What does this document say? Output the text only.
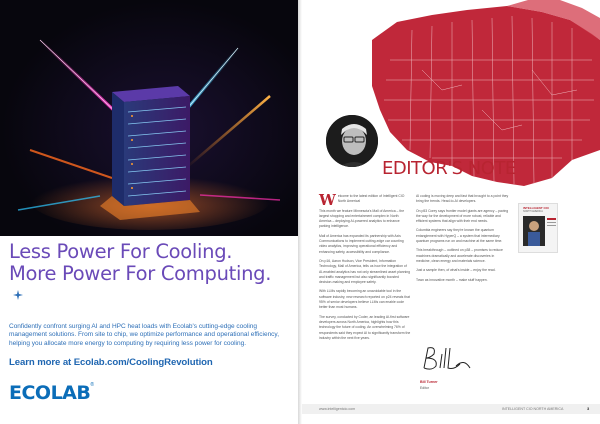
Less Power For Cooling.
More Power For Computing.
Confidently confront surging AI and HPC heat loads with Ecolab's cutting-edge cooling management solutions. From site to chip, we optimize performance and operational efficiency, helping you allocate more energy to computing by requiring less power for cooling.
Learn more at Ecolab.com/CoolingRevolution
ECOLAB®
EDITOR'S NOTE

Welcome to the latest edition of Intelligent CIO North America!

This month we feature Minnesota's Mall of America – the largest shopping and entertainment complex in North America – deploying AI-powered analytics to enhance parking intelligence.

Mall of America has expanded its partnership with Axis Communications to implement cutting-edge car counting video analytics, improving operational efficiency and enhancing safety, accessibility and compliance.

On p16, Aaron Hudson, Vice President, Information Technology, Mall of America, tells us how the integration of AI-enabled analytics has not only streamlined asset planning and traffic management but also significantly boosted decision-making and employee safety.

With LLMs rapidly becoming an unavoidable tool in the software industry, new research reported on p24 reveals that 95% of senior developers believe LLMs can enable code better than most humans.

The survey, conducted by Coder, an leading AI-first software developers across North America, highlights how this technology the future of coding. An overwhelming 76% of respondents said they expect AI to significantly transform the industry within the next five years.

AI coding is moving deep and fast that brought to a point they bring the trends. Head-to-AI developers.

On p53 Corey says frontier model giants are agency – paving the way for the development of more robust, reliable and efficient systems that align with their end needs.

Columbia engineers say they're known the quantum entanglement with HyperQ – a system that intermediary quantum programs run on and machine at the same time.

This breakthrough – outlined on p38 – promises to reduce machines dramatically and accelerate discoveries in medicine, clean energy and materials science.

Just a sample then, of what's inside – enjoy the read.

Town as innovative month – make stuff happen.

Bill Turner
Editor
INTELLIGENT CIO
NORTH AMERICA
www.intelligentcio.com	INTELLIGENT CIO NORTH AMERICA	3
